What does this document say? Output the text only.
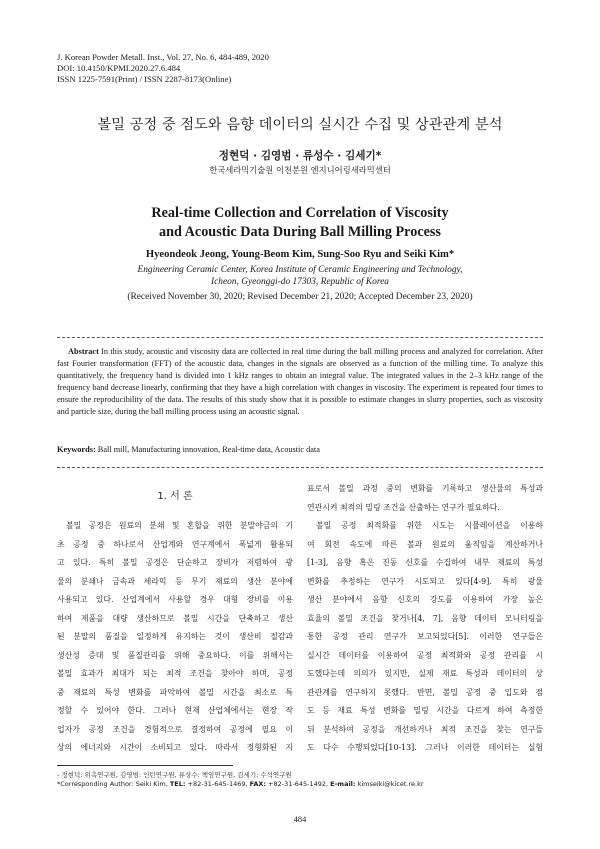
J. Korean Powder Metall. Inst., Vol. 27, No. 6, 484-489, 2020
DOI: 10.4150/KPMI.2020.27.6.484
ISSN 1225-7591(Print) / ISSN 2287-8173(Online)
볼밀 공정 중 점도와 음향 데이터의 실시간 수집 및 상관관계 분석
정현덕 · 김영범 · 류성수 · 김세기*
한국세라믹기술원 이천분원 엔지니어링세라믹센터
Real-time Collection and Correlation of Viscosity
and Acoustic Data During Ball Milling Process
Hyeondeok Jeong, Young-Beom Kim, Sung-Soo Ryu and Seiki Kim*
Engineering Ceramic Center, Korea Institute of Ceramic Engineering and Technology,
Icheon, Gyeonggi-do 17303, Republic of Korea
(Received November 30, 2020; Revised December 21, 2020; Accepted December 23, 2020)

Abstract In this study, acoustic and viscosity data are collected in real time during the ball milling process and analyzed for correlation. After fast Fourier transformation (FFT) of the acoustic data, changes in the signals are observed as a function of the milling time. To analyze this quantitatively, the frequency band is divided into 1 kHz ranges to obtain an integral value. The integrated values in the 2–3 kHz range of the frequency band decrease linearly, confirming that they have a high correlation with changes in viscosity. The experiment is repeated four times to ensure the reproducibility of the data. The results of this study show that it is possible to estimate changes in slurry properties, such as viscosity and particle size, during the ball milling process using an acoustic signal.

Keywords: Ball mill, Manufacturing innovation, Real-time data, Acoustic data
1. 서 론
볼밀 공정은 원료의 분쇄 및 혼합을 위한 분말야금의 기
초 공정 중 하나로서 산업계와 연구계에서 폭넓게 활용되
고 있다. 특히 볼밀 공정은 단순하고 장비가 저렴하여 광
물의 분쇄나 금속과 세라믹 등 무기 재료의 생산 분야에
사용되고 있다. 산업계에서 사용할 경우 대형 장비를 이용
하여 제품을 대량 생산하므로 볼밀 시간을 단축하고 생산
된 분말의 품질을 일정하게 유지하는 것이 생산비 절감과
생산성 증대 및 품질관리를 위해 중요하다. 이를 위해서는
볼밀 효과가 최대가 되는 최적 조건을 찾아야 하며, 공정
중 재료의 특성 변화를 파악하여 볼밀 시간을 최소로 특
정할 수 있어야 한다. 그러나 현재 산업체에서는 현장 작
업자가 공정 조건을 경험적으로 결정하여 공정에 필요 이
상의 에너지와 시간이 소비되고 있다. 따라서 정형화된 지
표로서 볼밀 과정 중의 변화를 기록하고 생산물의 특성과
연관시켜 최적의 밀링 조건을 산출하는 연구가 필요하다.
볼밀 공정 최적화를 위한 시도는 시뮬레이션을 이용하
여 회전 속도에 따른 볼과 원료의 움직임을 계산하거나
[1-3], 음향 혹은 진동 신호를 수집하여 내부 재료의 특성
변화를 추정하는 연구가 시도되고 있다[4-9]. 특히 광물
생산 분야에서 음향 신호의 강도를 이용하여 가장 높은
효율의 볼밀 조건을 찾거나[4, 7], 음향 데이터 모니터링을
통한 공정 관리 연구가 보고되었다[5]. 이러한 연구들은
실시간 데이터를 이용하여 공정 최적화와 공정 관리를 시
도했다는데 의의가 있지만, 실제 재료 특성과 데이터의 상
관관계를 연구하지 못했다. 반면, 볼밀 공정 중 입도와 점
도 등 재료 특성 변화를 밀링 시간을 다르게 하여 측정한
뒤 분석하여 공정을 개선하거나 최적 조건을 찾는 연구들
도 다수 수행되었다[10-13]. 그러나 이러한 데이터는 실험
- 정현덕: 위촉연구원, 김영범: 인턴연구원, 류성수: 책임연구원, 김세기: 수석연구원
*Corresponding Author: Seiki Kim, TEL: +82-31-645-1469, FAX: +82-31-645-1492, E-mail: kimseiki@kicet.re.kr
484
